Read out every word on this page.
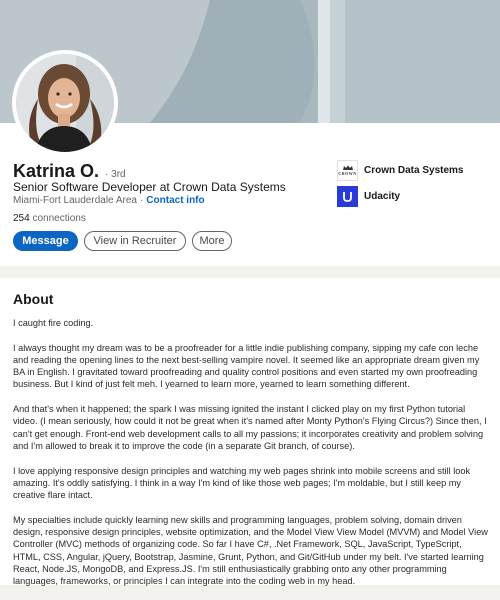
Katrina O. · 3rd
Senior Software Developer at Crown Data Systems
Miami-Fort Lauderdale Area · Contact info
254 connections
Message	View in Recruiter	More
CROWN Crown Data Systems
Udacity
About

I caught fire coding.

I always thought my dream was to be a proofreader for a little indie publishing company, sipping my cafe con leche and reading the opening lines to the next best-selling vampire novel. It seemed like an appropriate dream given my BA in English. I gravitated toward proofreading and quality control positions and even started my own proofreading business. But I kind of just felt meh. I yearned to learn more, yearned to learn something different.

And that's when it happened; the spark I was missing ignited the instant I clicked play on my first Python tutorial video. (I mean seriously, how could it not be great when it's named after Monty Python's Flying Circus?) Since then, I can't get enough. Front-end web development calls to all my passions; it incorporates creativity and problem solving and I'm allowed to break it to improve the code (in a separate Git branch, of course).

I love applying responsive design principles and watching my web pages shrink into mobile screens and still look amazing. It's oddly satisfying. I think in a way I'm kind of like those web pages; I'm moldable, but I still keep my creative flare intact.

My specialties include quickly learning new skills and programming languages, problem solving, domain driven design, responsive design principles, website optimization, and the Model View View Model (MVVM) and Model View Controller (MVC) methods of organizing code. So far I have C#, .Net Framework, SQL, JavaScript, TypeScript, HTML, CSS, Angular, jQuery, Bootstrap, Jasmine, Grunt, Python, and Git/GitHub under my belt. I've started learning React, Node.JS, MongoDB, and Express.JS. I'm still enthusiastically grabbing onto any other programming languages, frameworks, or principles I can integrate into the coding web in my head.
